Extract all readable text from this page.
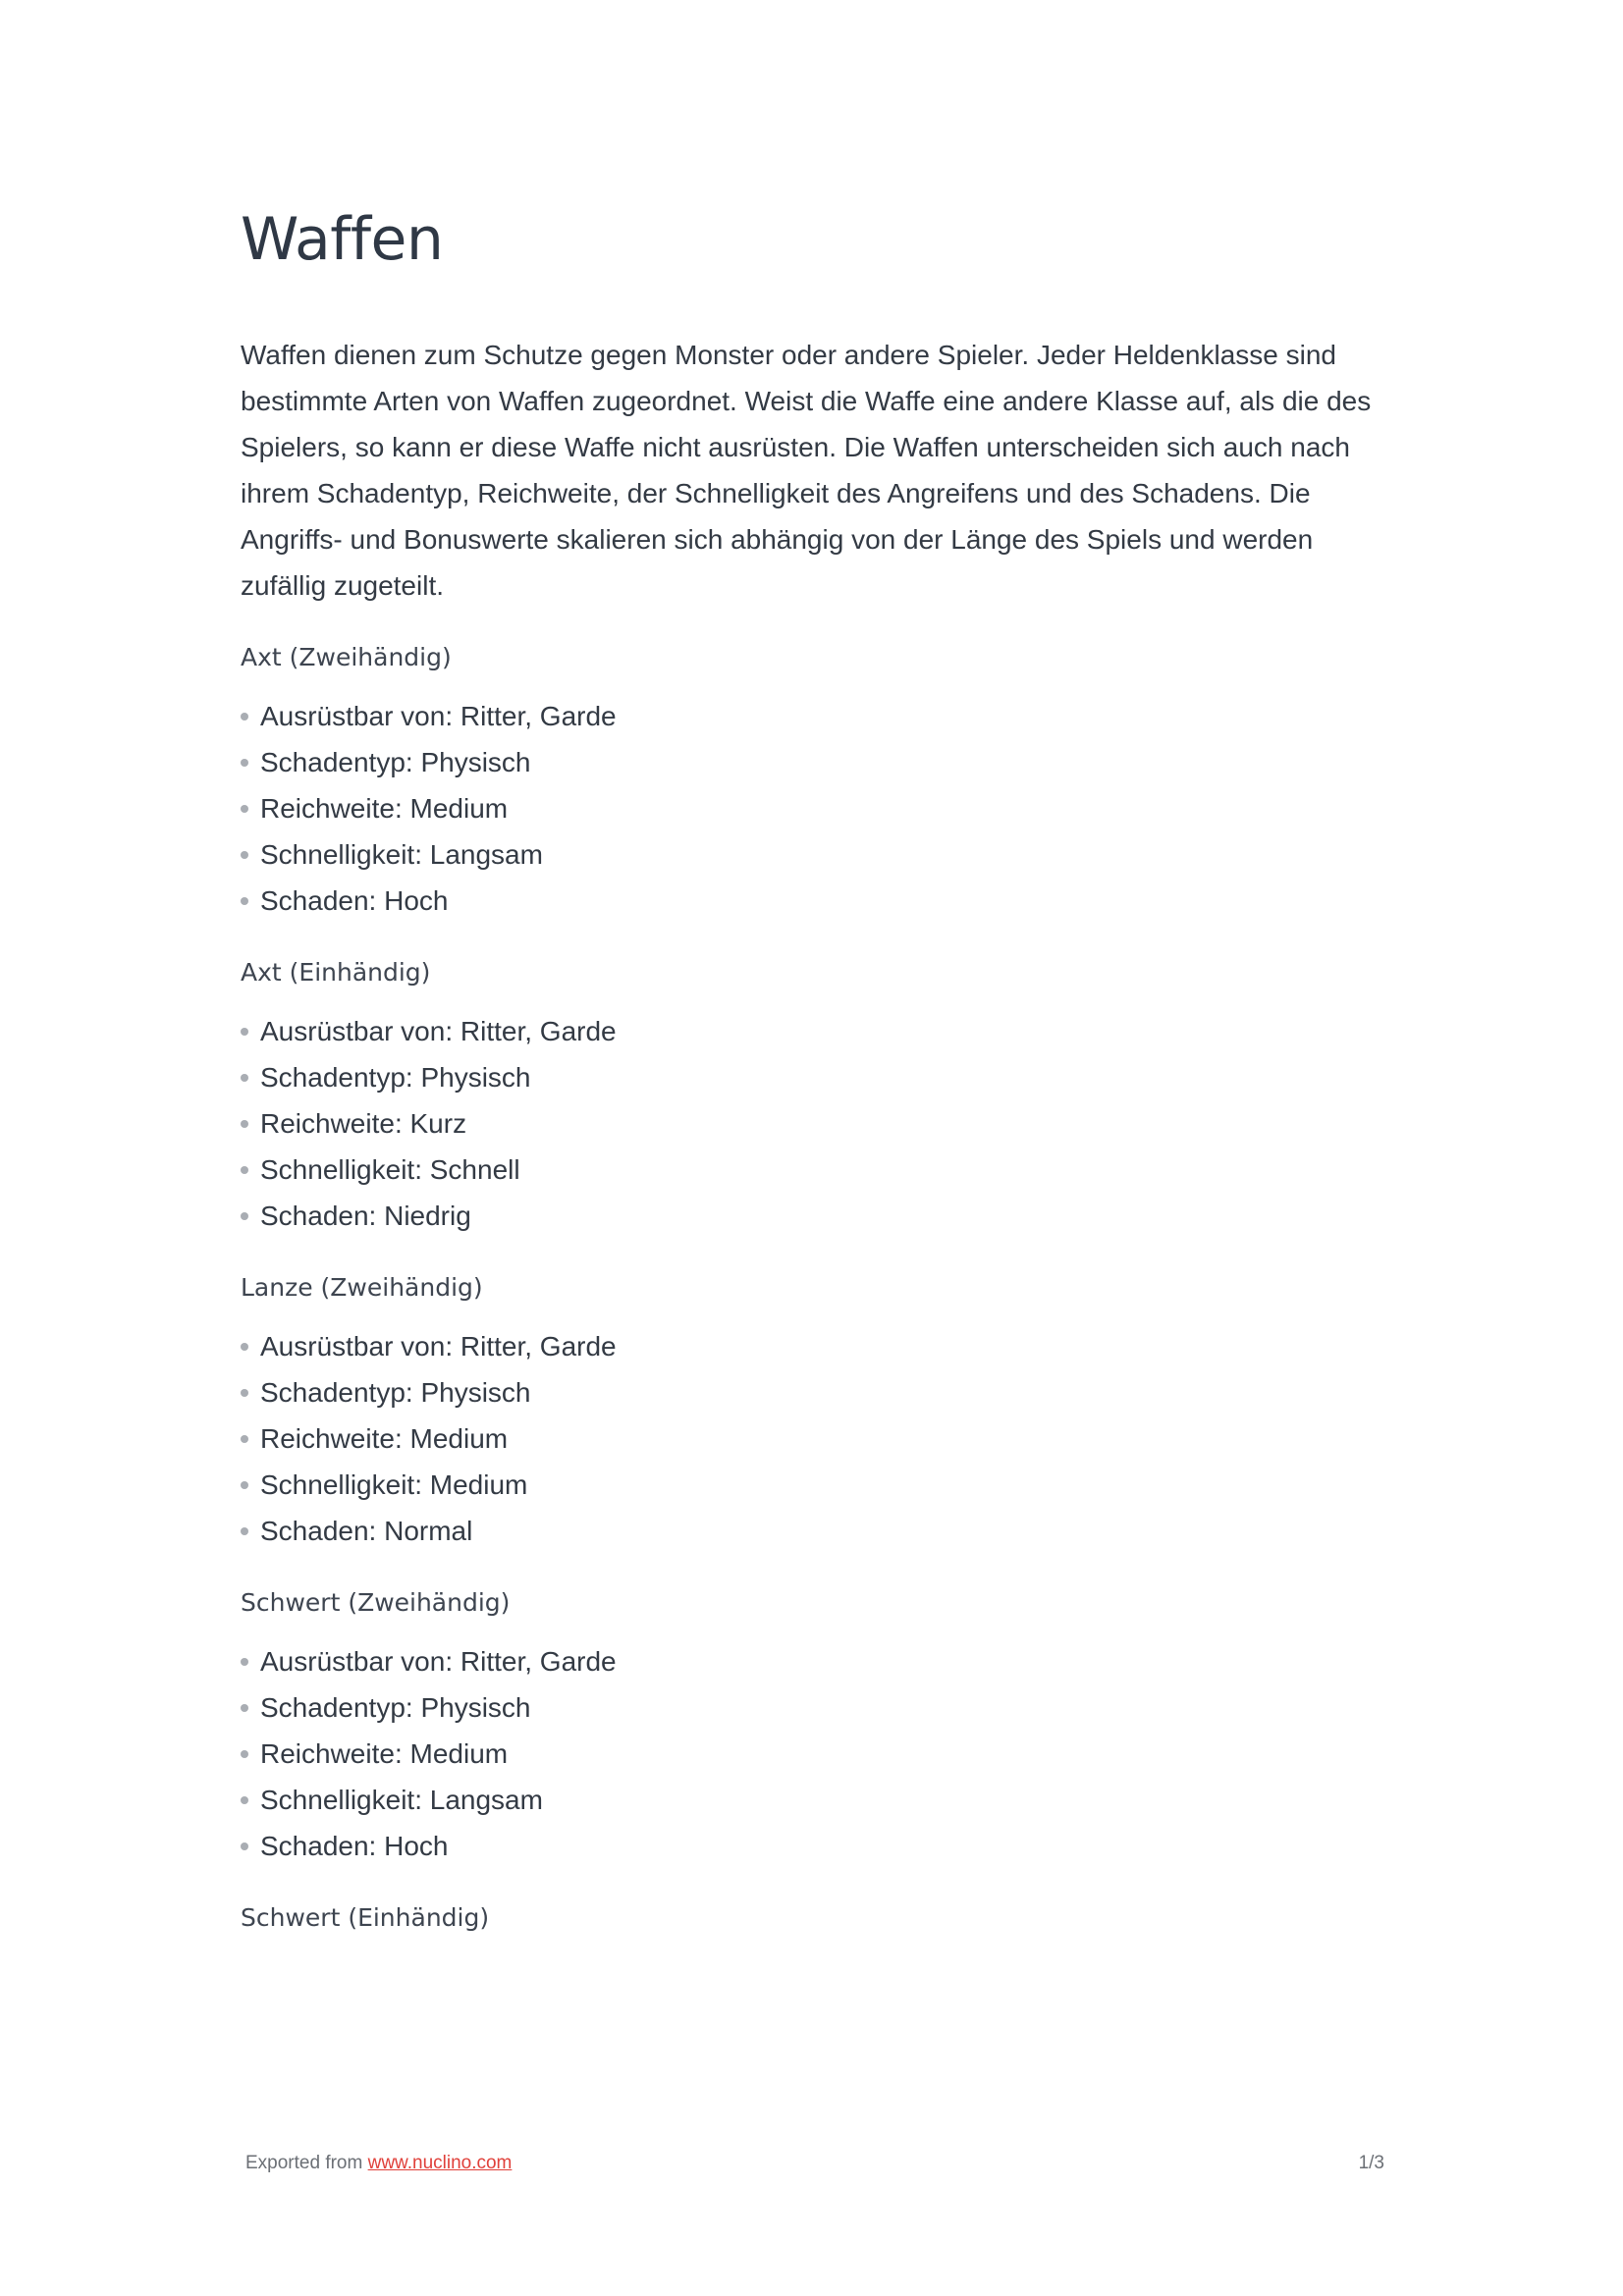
Waffen

Waffen dienen zum Schutze gegen Monster oder andere Spieler. Jeder Heldenklasse sind bestimmte Arten von Waffen zugeordnet. Weist die Waffe eine andere Klasse auf, als die des Spielers, so kann er diese Waffe nicht ausrüsten. Die Waffen unterscheiden sich auch nach ihrem Schadentyp, Reichweite, der Schnelligkeit des Angreifens und des Schadens. Die Angriffs- und Bonuswerte skalieren sich abhängig von der Länge des Spiels und werden zufällig zugeteilt.

Axt (Zweihändig)
Ausrüstbar von: Ritter, Garde
Schadentyp: Physisch
Reichweite: Medium
Schnelligkeit: Langsam
Schaden: Hoch
Axt (Einhändig)
Ausrüstbar von: Ritter, Garde
Schadentyp: Physisch
Reichweite: Kurz
Schnelligkeit: Schnell
Schaden: Niedrig
Lanze (Zweihändig)
Ausrüstbar von: Ritter, Garde
Schadentyp: Physisch
Reichweite: Medium
Schnelligkeit: Medium
Schaden: Normal
Schwert (Zweihändig)
Ausrüstbar von: Ritter, Garde
Schadentyp: Physisch
Reichweite: Medium
Schnelligkeit: Langsam
Schaden: Hoch
Schwert (Einhändig)
Exported from www.nuclino.com	1/3
